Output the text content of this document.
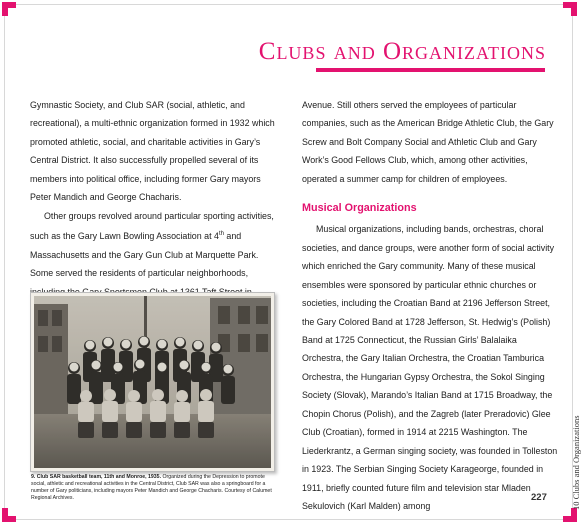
Clubs and Organizations

Gymnastic Society, and Club SAR (social, athletic, and recreational), a multi-ethnic organization formed in 1932 which promoted athletic, social, and charitable activities in Gary’s Central District. It also successfully propelled several of its members into political office, including former Gary mayors Peter Mandich and George Chacharis.

Other groups revolved around particular sporting activities, such as the Gary Lawn Bowling Association at 4th and Massachusetts and the Gary Gun Club at Marquette Park. Some served the residents of particular neighborhoods,

9. Club SAR basketball team, 11th and Monroe, 1935. Organized during the Depression to promote social, athletic and recreational activities in the Central District, Club SAR was also a springboard for a number of Gary politicians, including mayors Peter Mandich and George Chacharis. Courtesy of Calumet Regional Archives.

Avenue. Still others served the employees of particular companies, such as the American Bridge Athletic Club, the Gary Screw and Bolt Company Social and Athletic Club and Gary Work’s Good Fellows Club, which, among other activities, operated a summer camp for children of employees.

Musical Organizations

Musical organizations, including bands, orchestras, choral societies, and dance groups, were another form of social activity which enriched the Gary community. Many of these musical ensembles were sponsored by particular ethnic churches or societies, including the Croatian Band at 2196 Jefferson Street, the Gary Colored Band at 1728 Jefferson, St. Hedwig’s (Polish) Band at 1725 Connecticut, the Russian Girls’ Balalaika Orchestra, the Gary Italian Orchestra, the Croatian Tamburica Orchestra, the Hungarian Gypsy Orchestra, the Sokol Singing Society (Slovak), Marando’s Italian Band at 1715 Broadway, the Chopin Chorus (Polish), and the Zagreb (later Preradovic) Glee Club (Croatian), formed in 1914 at 2215 Washington. The Liederkrantz, a German singing society, was founded in Tolleston in 1923. The Serbian Singing Society Karageorge, founded in 1911, briefly counted future film and television star Mladen Sekulovich (Karl Malden) among	10 Clubs and Organizations
227
